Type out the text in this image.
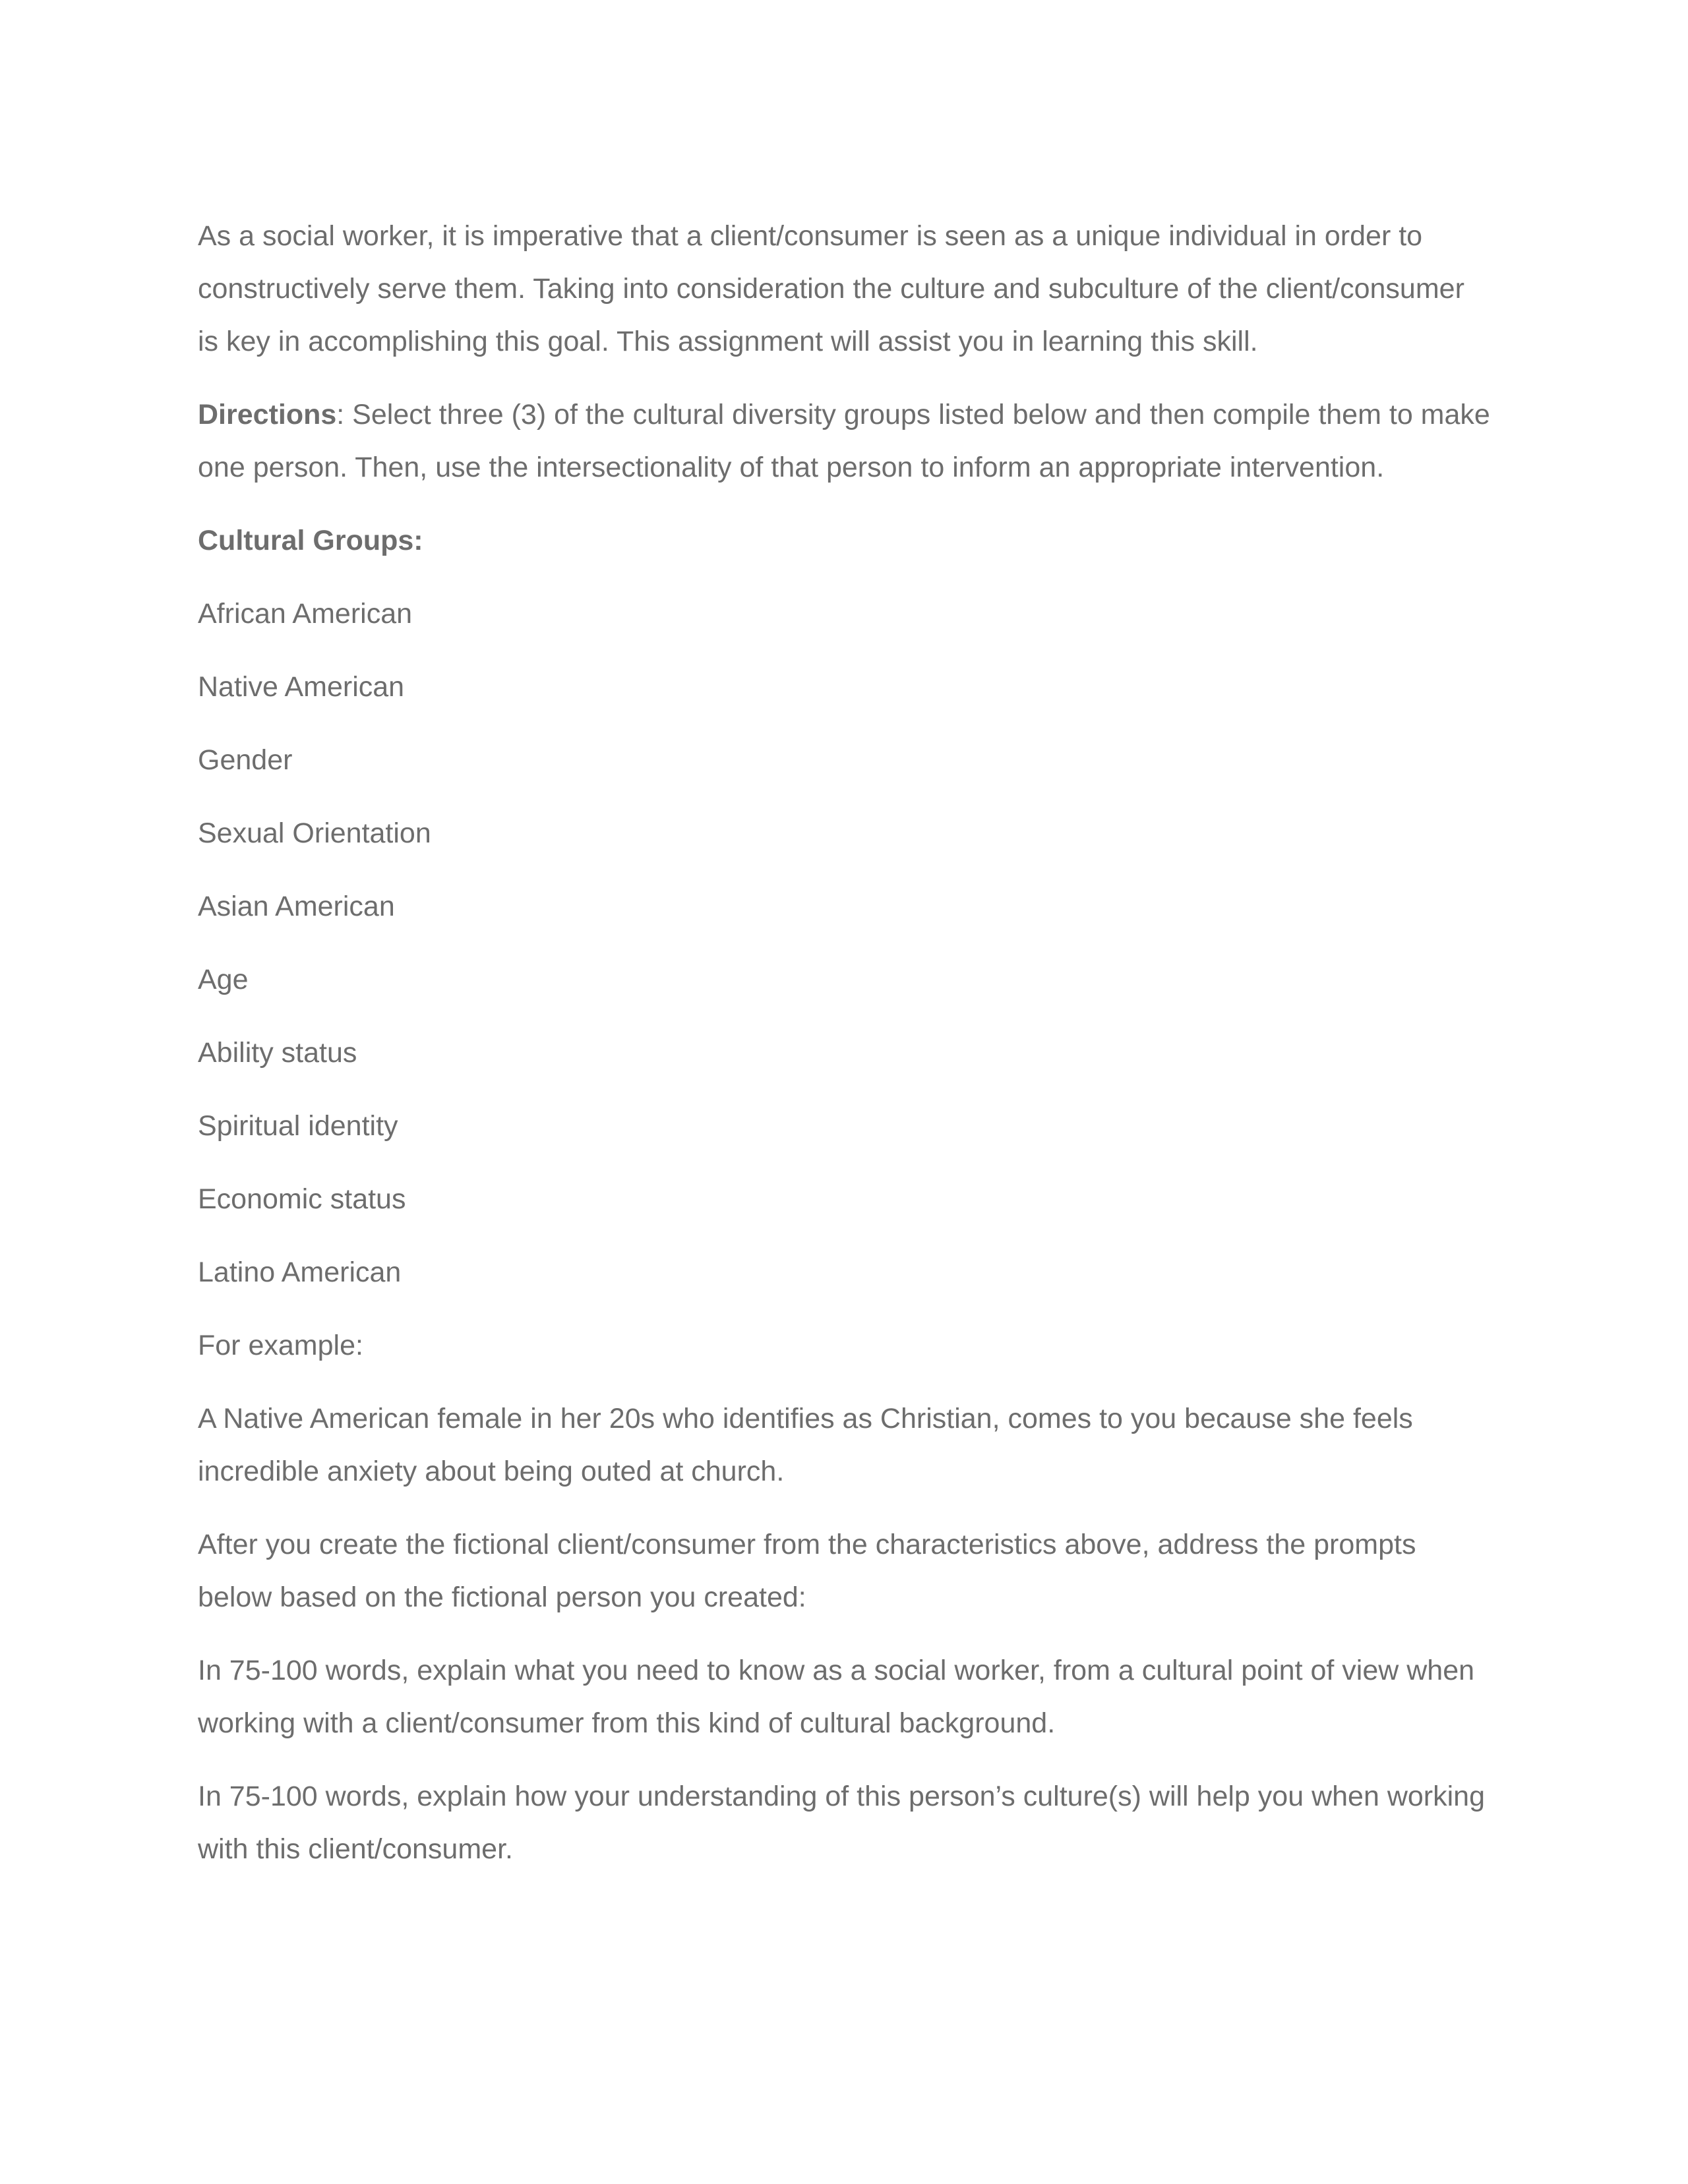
As a social worker, it is imperative that a client/consumer is seen as a unique individual in order to constructively serve them. Taking into consideration the culture and subculture of the client/consumer is key in accomplishing this goal. This assignment will assist you in learning this skill.

Directions: Select three (3) of the cultural diversity groups listed below and then compile them to make one person. Then, use the intersectionality of that person to inform an appropriate intervention.

Cultural Groups:

African American
Native American
Gender
Sexual Orientation
Asian American
Age
Ability status
Spiritual identity
Economic status
Latino American

For example:

A Native American female in her 20s who identifies as Christian, comes to you because she feels incredible anxiety about being outed at church.

After you create the fictional client/consumer from the characteristics above, address the prompts below based on the fictional person you created:

In 75-100 words, explain what you need to know as a social worker, from a cultural point of view when working with a client/consumer from this kind of cultural background.

In 75-100 words, explain how your understanding of this person’s culture(s) will help you when working with this client/consumer.
